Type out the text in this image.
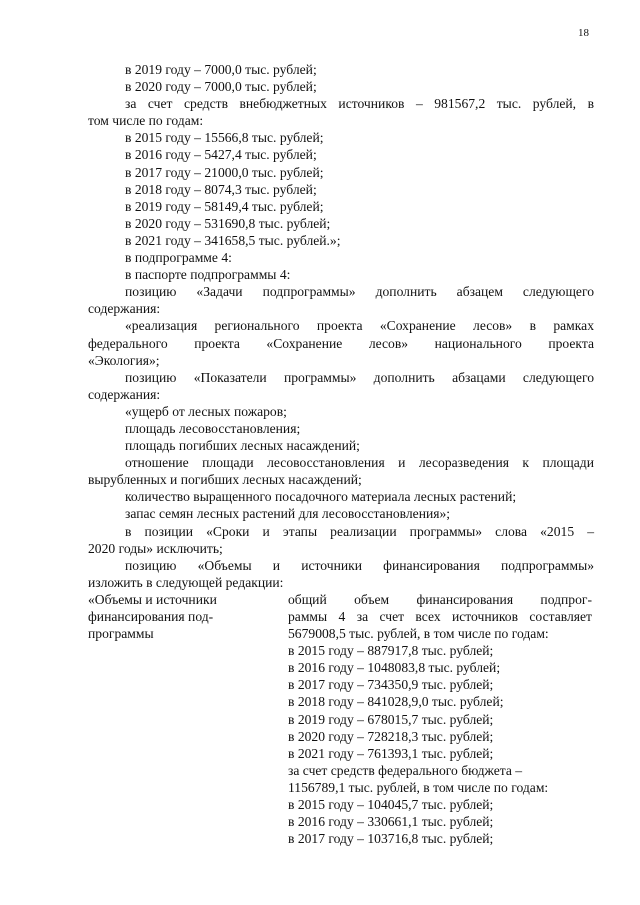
18
в 2019 году – 7000,0 тыс. рублей;
в 2020 году – 7000,0 тыс. рублей;
за счет средств внебюджетных источников – 981567,2 тыс. рублей, в
том числе по годам:
в 2015 году – 15566,8 тыс. рублей;
в 2016 году – 5427,4 тыс. рублей;
в 2017 году – 21000,0 тыс. рублей;
в 2018 году – 8074,3 тыс. рублей;
в 2019 году – 58149,4 тыс. рублей;
в 2020 году – 531690,8 тыс. рублей;
в 2021 году – 341658,5 тыс. рублей.»;
в подпрограмме 4:
в паспорте подпрограммы 4:
позицию «Задачи подпрограммы» дополнить абзацем следующего
содержания:
«реализация регионального проекта «Сохранение лесов» в рамках
федерального проекта «Сохранение лесов» национального проекта
«Экология»;
позицию «Показатели программы» дополнить абзацами следующего
содержания:
«ущерб от лесных пожаров;
площадь лесовосстановления;
площадь погибших лесных насаждений;
отношение площади лесовосстановления и лесоразведения к площади
вырубленных и погибших лесных насаждений;
количество выращенного посадочного материала лесных растений;
запас семян лесных растений для лесовосстановления»;
в позиции «Сроки и этапы реализации программы» слова «2015 –
2020 годы» исключить;
позицию «Объемы и источники финансирования подпрограммы»
изложить в следующей редакции:
«Объемы и источники
финансирования под-
программы
общий объем финансирования подпрог-
раммы 4 за счет всех источников составляет
5679008,5 тыс. рублей, в том числе по годам:
в 2015 году – 887917,8 тыс. рублей;
в 2016 году – 1048083,8 тыс. рублей;
в 2017 году – 734350,9 тыс. рублей;
в 2018 году – 841028,9,0 тыс. рублей;
в 2019 году – 678015,7 тыс. рублей;
в 2020 году – 728218,3 тыс. рублей;
в 2021 году – 761393,1 тыс. рублей;
за счет средств федерального бюджета –
1156789,1 тыс. рублей, в том числе по годам:
в 2015 году – 104045,7 тыс. рублей;
в 2016 году – 330661,1 тыс. рублей;
в 2017 году – 103716,8 тыс. рублей;
